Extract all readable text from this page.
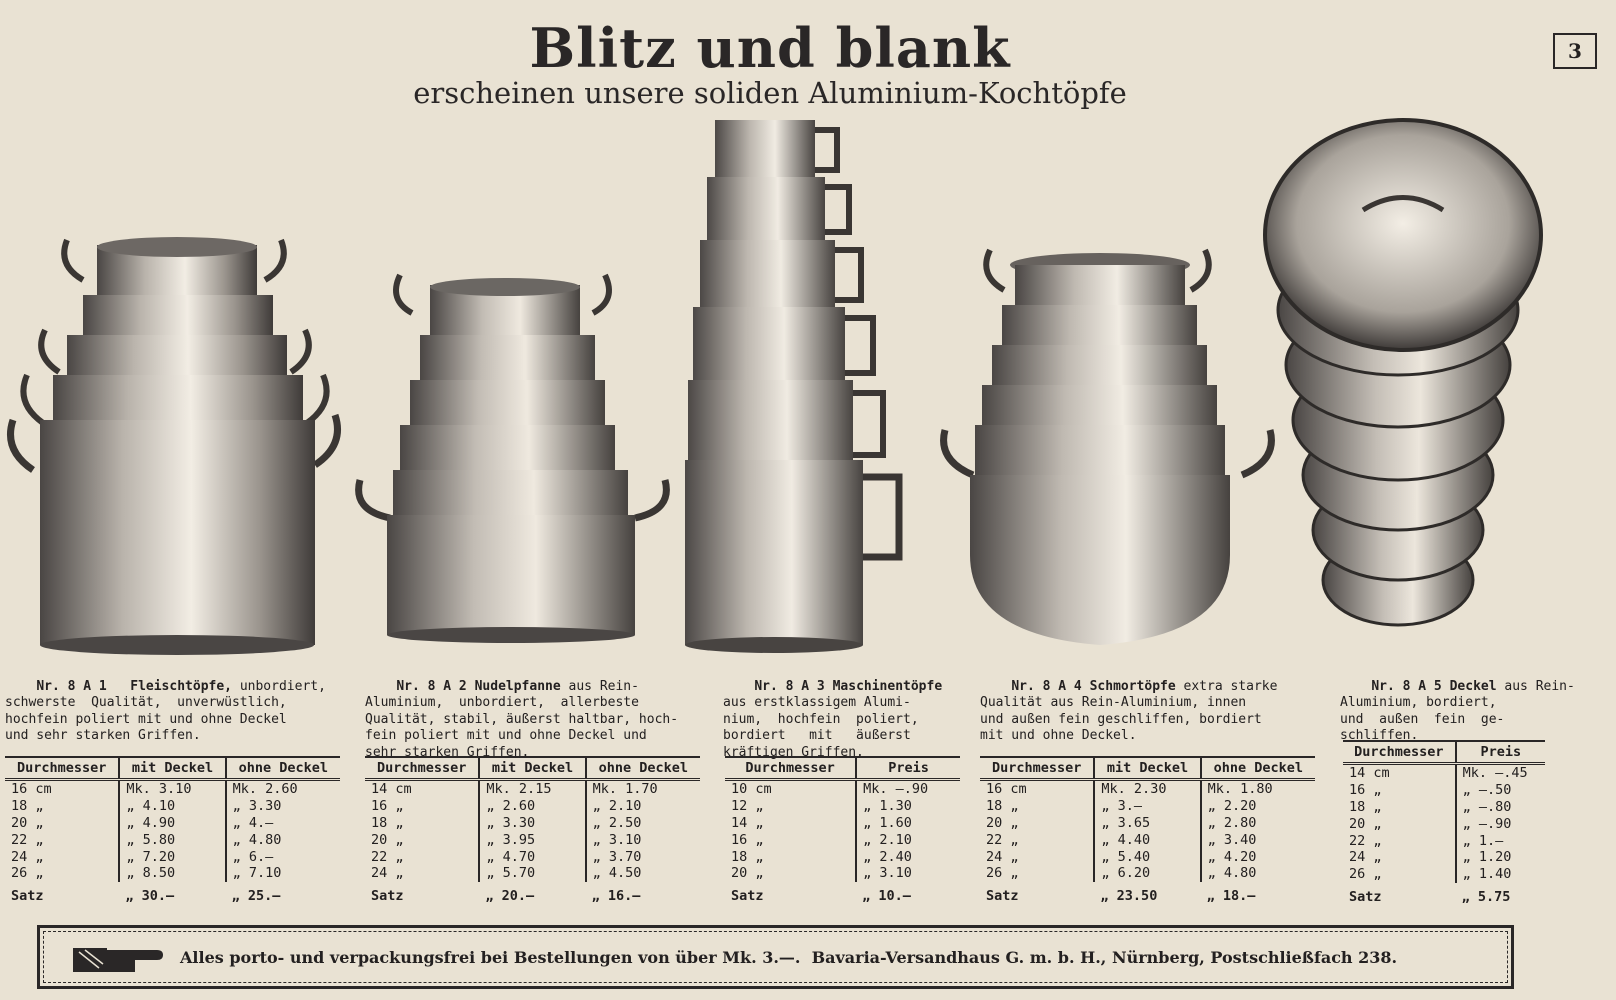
Blitz und blank
erscheinen unsere soliden Aluminium-Kochtöpfe
3

Nr. 8 A 1 Fleischtöpfe, unbordiert,
schwerste  Qualität,  unverwüstlich,
hochfein poliert mit und ohne Deckel
und sehr starken Griffen.

Nr. 8 A 2 Nudelpfanne aus Rein-
Aluminium,  unbordiert,  allerbeste
Qualität, stabil, äußerst haltbar, hoch-
fein poliert mit und ohne Deckel und
sehr starken Griffen.

Nr. 8 A 3 Maschinentöpfe
aus erstklassigem Alumi-
nium,  hochfein  poliert,
bordiert   mit   äußerst
kräftigen Griffen.

Nr. 8 A 4 Schmortöpfe extra starke
Qualität aus Rein-Aluminium, innen
und außen fein geschliffen, bordiert
mit und ohne Deckel.

Nr. 8 A 5 Deckel aus Rein-
Aluminium, bordiert,
und  außen  fein  ge-
schliffen.
Durchmesser	mit Deckel	ohne Deckel
16 cm	Mk. 3.10	Mk. 2.60
18 „	„ 4.10	„ 3.30
20 „	„ 4.90	„ 4.—
22 „	„ 5.80	„ 4.80
24 „	„ 7.20	„ 6.—
26 „	„ 8.50	„ 7.10
Satz	„ 30.—	„ 25.—
Durchmesser	mit Deckel	ohne Deckel
14 cm	Mk. 2.15	Mk. 1.70
16 „	„ 2.60	„ 2.10
18 „	„ 3.30	„ 2.50
20 „	„ 3.95	„ 3.10
22 „	„ 4.70	„ 3.70
24 „	„ 5.70	„ 4.50
Satz	„ 20.—	„ 16.—
Durchmesser	Preis
10 cm	Mk. —.90
12 „	„ 1.30
14 „	„ 1.60
16 „	„ 2.10
18 „	„ 2.40
20 „	„ 3.10
Satz	„ 10.—
Durchmesser	mit Deckel	ohne Deckel
16 cm	Mk. 2.30	Mk. 1.80
18 „	„ 3.—	„ 2.20
20 „	„ 3.65	„ 2.80
22 „	„ 4.40	„ 3.40
24 „	„ 5.40	„ 4.20
26 „	„ 6.20	„ 4.80
Satz	„ 23.50	„ 18.—
Durchmesser	Preis
14 cm	Mk. —.45
16 „	„ —.50
18 „	„ —.80
20 „	„ —.90
22 „	„ 1.—
24 „	„ 1.20
26 „	„ 1.40
Satz	„ 5.75
Alles porto- und verpackungsfrei bei Bestellungen von über Mk. 3.—.  Bavaria-Versandhaus G. m. b. H., Nürnberg, Postschließfach 238.
